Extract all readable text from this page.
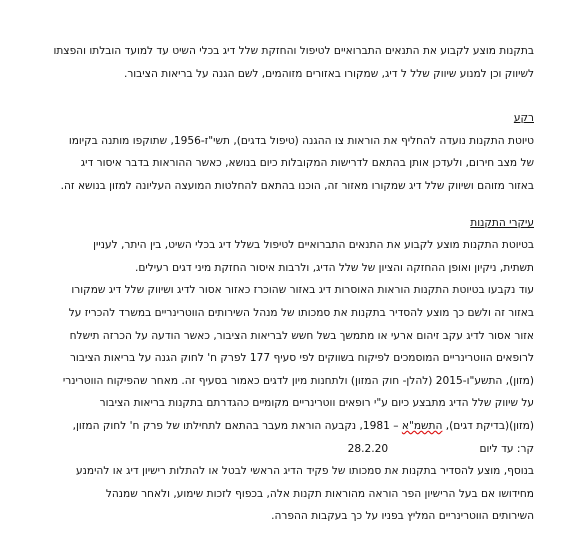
בתקנות מוצע לקבוע את התנאים התברואיים לטיפול והחזקת שלל דיג בכלי השיט עד למועד הובלתו והפצתו
לשיווק וכן למנוע שיווק שלל ל דיג, שמקורו באזורים מזוהמים, לשם הגנה על בריאות הציבור.

רקע

טיוטת התקנות נועדה להחליף את הוראות צו ההגנה (טיפול בדגים), תשי"ז-1956, שתוקפו מותנה בקיומו
של מצב חירום, ולעדכן אותן בהתאם לדרישות המקובלות כיום בנושא, כאשר ההוראות בדבר איסור דיג
באזור מזוהם ושיווק שלל דיג שמקורו מאזור זה, הוכנו בהתאם להחלטות המועצה העליונה למזון בנושא זה.

עיקרי התקנות

בטיוטת התקנות מוצע לקבוע את התנאים התברואיים לטיפול בשלל דיג בכלי השיט, בין היתר, לעניין
תשתית, ניקיון ואופן ההחזקה והציון של שלל הדיג, ולרבות איסור החזקת מיני דגים רעילים.

עוד נקבעו בטיוטת התקנות הוראות האוסרות דיג באזור שהוכרז כאזור אסור לדיג ושיווק שלל דיג שמקורו
באזור זה ולשם כך מוצע להסדיר בתקנות את סמכותו של מנהל השירותים הווטרינריים במשרד להכריז על
אזור אסור לדיג עקב זיהום ארעי או מתמשך בשל חשש לבריאות הציבור, כאשר הודעה על הכרזה תישלח
לרופאים הווטרינריים המוסמכים לפיקוח בשווקים לפי סעיף 177 לפרק ח' לחוק הגנה על בריאות הציבור
(מזון), התשע"ו-2015 (להלן- חוק המזון) ולתחנות מיון לדגים כאמור בסעיף זה. מאחר שהפיקוח הווטרינרי
על שיווק שלל הדיג מתבצע כיום ע"י רופאים ווטרינריים מקומיים כהגדרתם בתקנות בריאות הציבור
(מזון)(בדיקת דגים), התשמ"א – 1981, נקבעה הוראת מעבר בהתאם לתחילתו של פרק ח' לחוק המזון,
קר: עד ליום 28.2.20

בנוסף, מוצע להסדיר בתקנות את סמכותו של פקיד הדיג הראשי לבטל או להתלות רישיון דיג או להימנע
מחידושו אם בעל הרישיון הפר הוראה מהוראות תקנות אלה, בכפוף לזכות שימוע, ולאחר שמנהל
השירותים הווטרינריים המליץ בפניו על כך בעקבות ההפרה.
